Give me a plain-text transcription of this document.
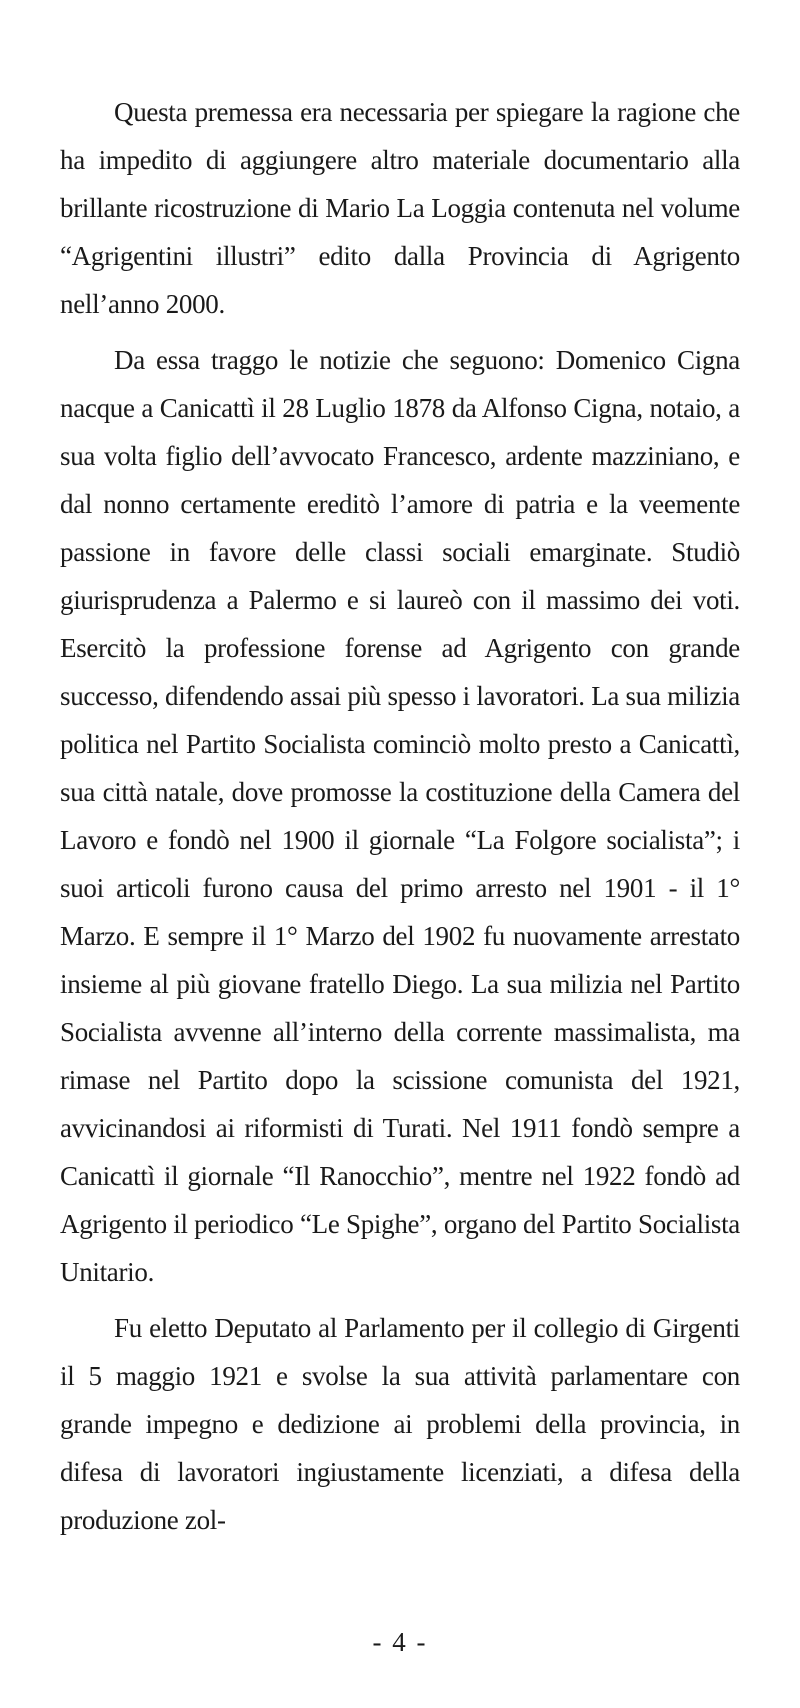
Questa premessa era necessaria per spiegare la ragione che ha impedito di aggiungere altro materiale documentario alla brillante ricostruzione di Mario La Loggia contenuta nel volume “Agrigentini illustri” edito dalla Provincia di Agrigento nell’anno 2000.

Da essa traggo le notizie che seguono: Domenico Cigna nacque a Canicattì il 28 Luglio 1878 da Alfonso Cigna, notaio, a sua volta figlio dell’avvocato Francesco, ardente mazziniano, e dal nonno certamente ereditò l’amore di patria e la veemente passione in favore delle classi sociali emarginate. Studiò giurisprudenza a Palermo e si laureò con il massimo dei voti. Esercitò la professione forense ad Agrigento con grande successo, difendendo assai più spesso i lavoratori. La sua milizia politica nel Partito Socialista cominciò molto presto a Canicattì, sua città natale, dove promosse la costituzione della Camera del Lavoro e fondò nel 1900 il giornale “La Folgore socialista”; i suoi articoli furono causa del primo arresto nel 1901 - il 1° Marzo. E sempre il 1° Marzo del 1902 fu nuovamente arrestato insieme al più giovane fratello Diego. La sua milizia nel Partito Socialista avvenne all’interno della corrente massimalista, ma rimase nel Partito dopo la scissione comunista del 1921, avvicinandosi ai riformisti di Turati. Nel 1911 fondò sempre a Canicattì il giornale “Il Ranocchio”, mentre nel 1922 fondò ad Agrigento il periodico “Le Spighe”, organo del Partito Socialista Unitario.

Fu eletto Deputato al Parlamento per il collegio di Girgenti il 5 maggio 1921 e svolse la sua attività parlamentare con grande impegno e dedizione ai problemi della provincia, in difesa di lavoratori ingiustamente licenziati, a difesa della produzione zol-

- 4 -
